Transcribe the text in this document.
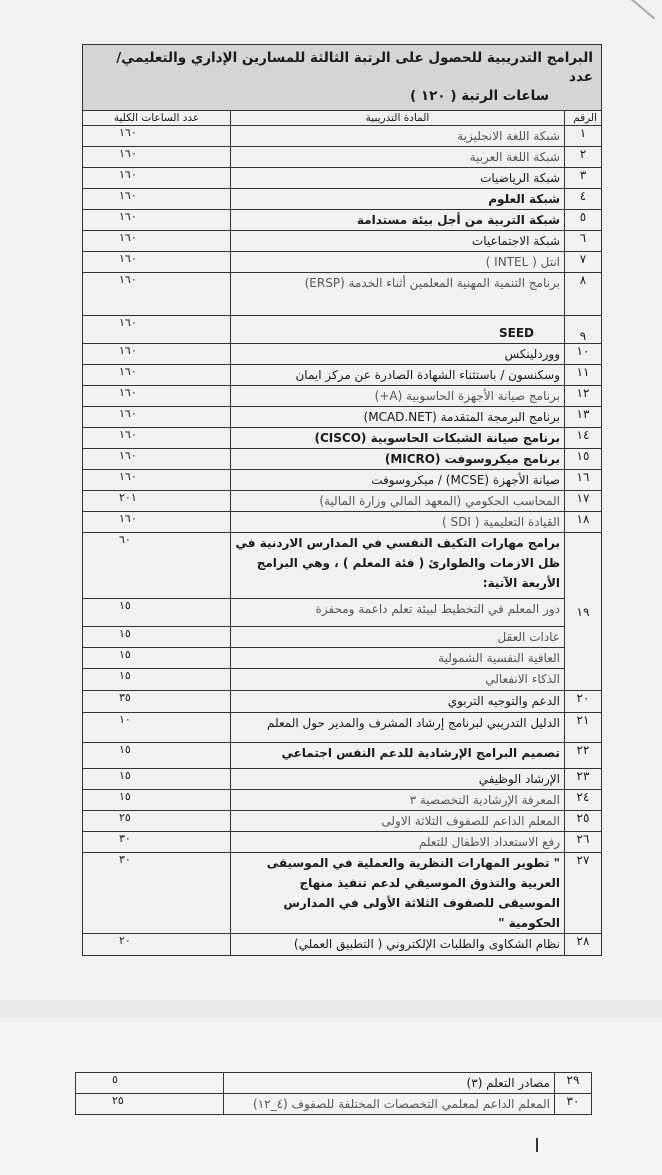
البرامج التدريبية للحصول على الرتبة الثالثة للمسارين الإداري والتعليمي/ عدد
ساعات الرتبة ( ١٢٠ )		

الرقم	المادة التدريبية	عدد الساعات الكلية
١	شبكة اللغة الانجليزية	١٦٠
٢	شبكة اللغة العربية	١٦٠
٣	شبكة الرياضيات	١٦٠
٤	شبكة العلوم	١٦٠
٥	شبكة التربية من أجل بيئة مستدامة	١٦٠
٦	شبكة الاجتماعيات	١٦٠
٧	انتل ( INTEL )	١٦٠
٨	برنامج التنمية المهنية المعلمين أثناء الخدمة (ERSP)	١٦٠
٩	SEED	١٦٠
١٠	ووردلينكس	١٦٠
١١	وسكنسون / باستثناء الشهادة الصادرة عن مركز ايمان	١٦٠
١٢	برنامج صيانة الأجهزة الحاسوبية (A+)	١٦٠
١٣	برنامج البرمجة المتقدمة (MCAD.NET)	١٦٠
١٤	برنامج صيانة الشبكات الحاسوبية (CISCO)	١٦٠
١٥	برنامج ميكروسوفت (MICRO)	١٦٠
١٦	صيانة الأجهزة (MCSE) / ميكروسوفت	١٦٠
١٧	المحاسب الحكومي (المعهد المالي وزارة المالية)	٢٠١
١٨	القيادة التعليمية ( SDI )	١٦٠
١٩	برامج مهارات التكيف النفسي في المدارس الاردنية في ظل الازمات والطوارئ ( فئة المعلم ) ، وهي البرامج الأربعة الآتية:	٦٠
	دور المعلم في التخطيط لبيئة تعلم داعمة ومحفزة	١٥
	عادات العقل	١٥
	العافية النفسية الشمولية	١٥
	الذكاء الانفعالي	١٥
٢٠	الدعم والتوجيه التربوي	٣٥
٢١	الدليل التدريبي لبرنامج إرشاد المشرف والمدير حول المعلم	١٠
٢٢	تصميم البرامج الإرشادية للدعم النفس اجتماعي	١٥
٢٣	الإرشاد الوظيفي	١٥
٢٤	المعرفة الإرشادية التخصصية ٣	١٥
٢٥	المعلم الداعم للصفوف الثلاثة الاولى	٢٥
٢٦	رفع الاستعداد الاطفال للتعلم	٣٠
٢٧	" تطوير المهارات النظرية والعملية في الموسيقى العربية والتذوق الموسيقي لدعم تنفيذ منهاج الموسيقى للصفوف الثلاثة الأولى في المدارس الحكومية "	٣٠
٢٨	نظام الشكاوى والطلبات الإلكتروني ( التطبيق العملي)	٢٠
٢٩	مصادر التعلم (٣)	٥
٣٠	المعلم الداعم لمعلمي التخصصات المختلفة للصفوف (٤_١٢)	٢٥
